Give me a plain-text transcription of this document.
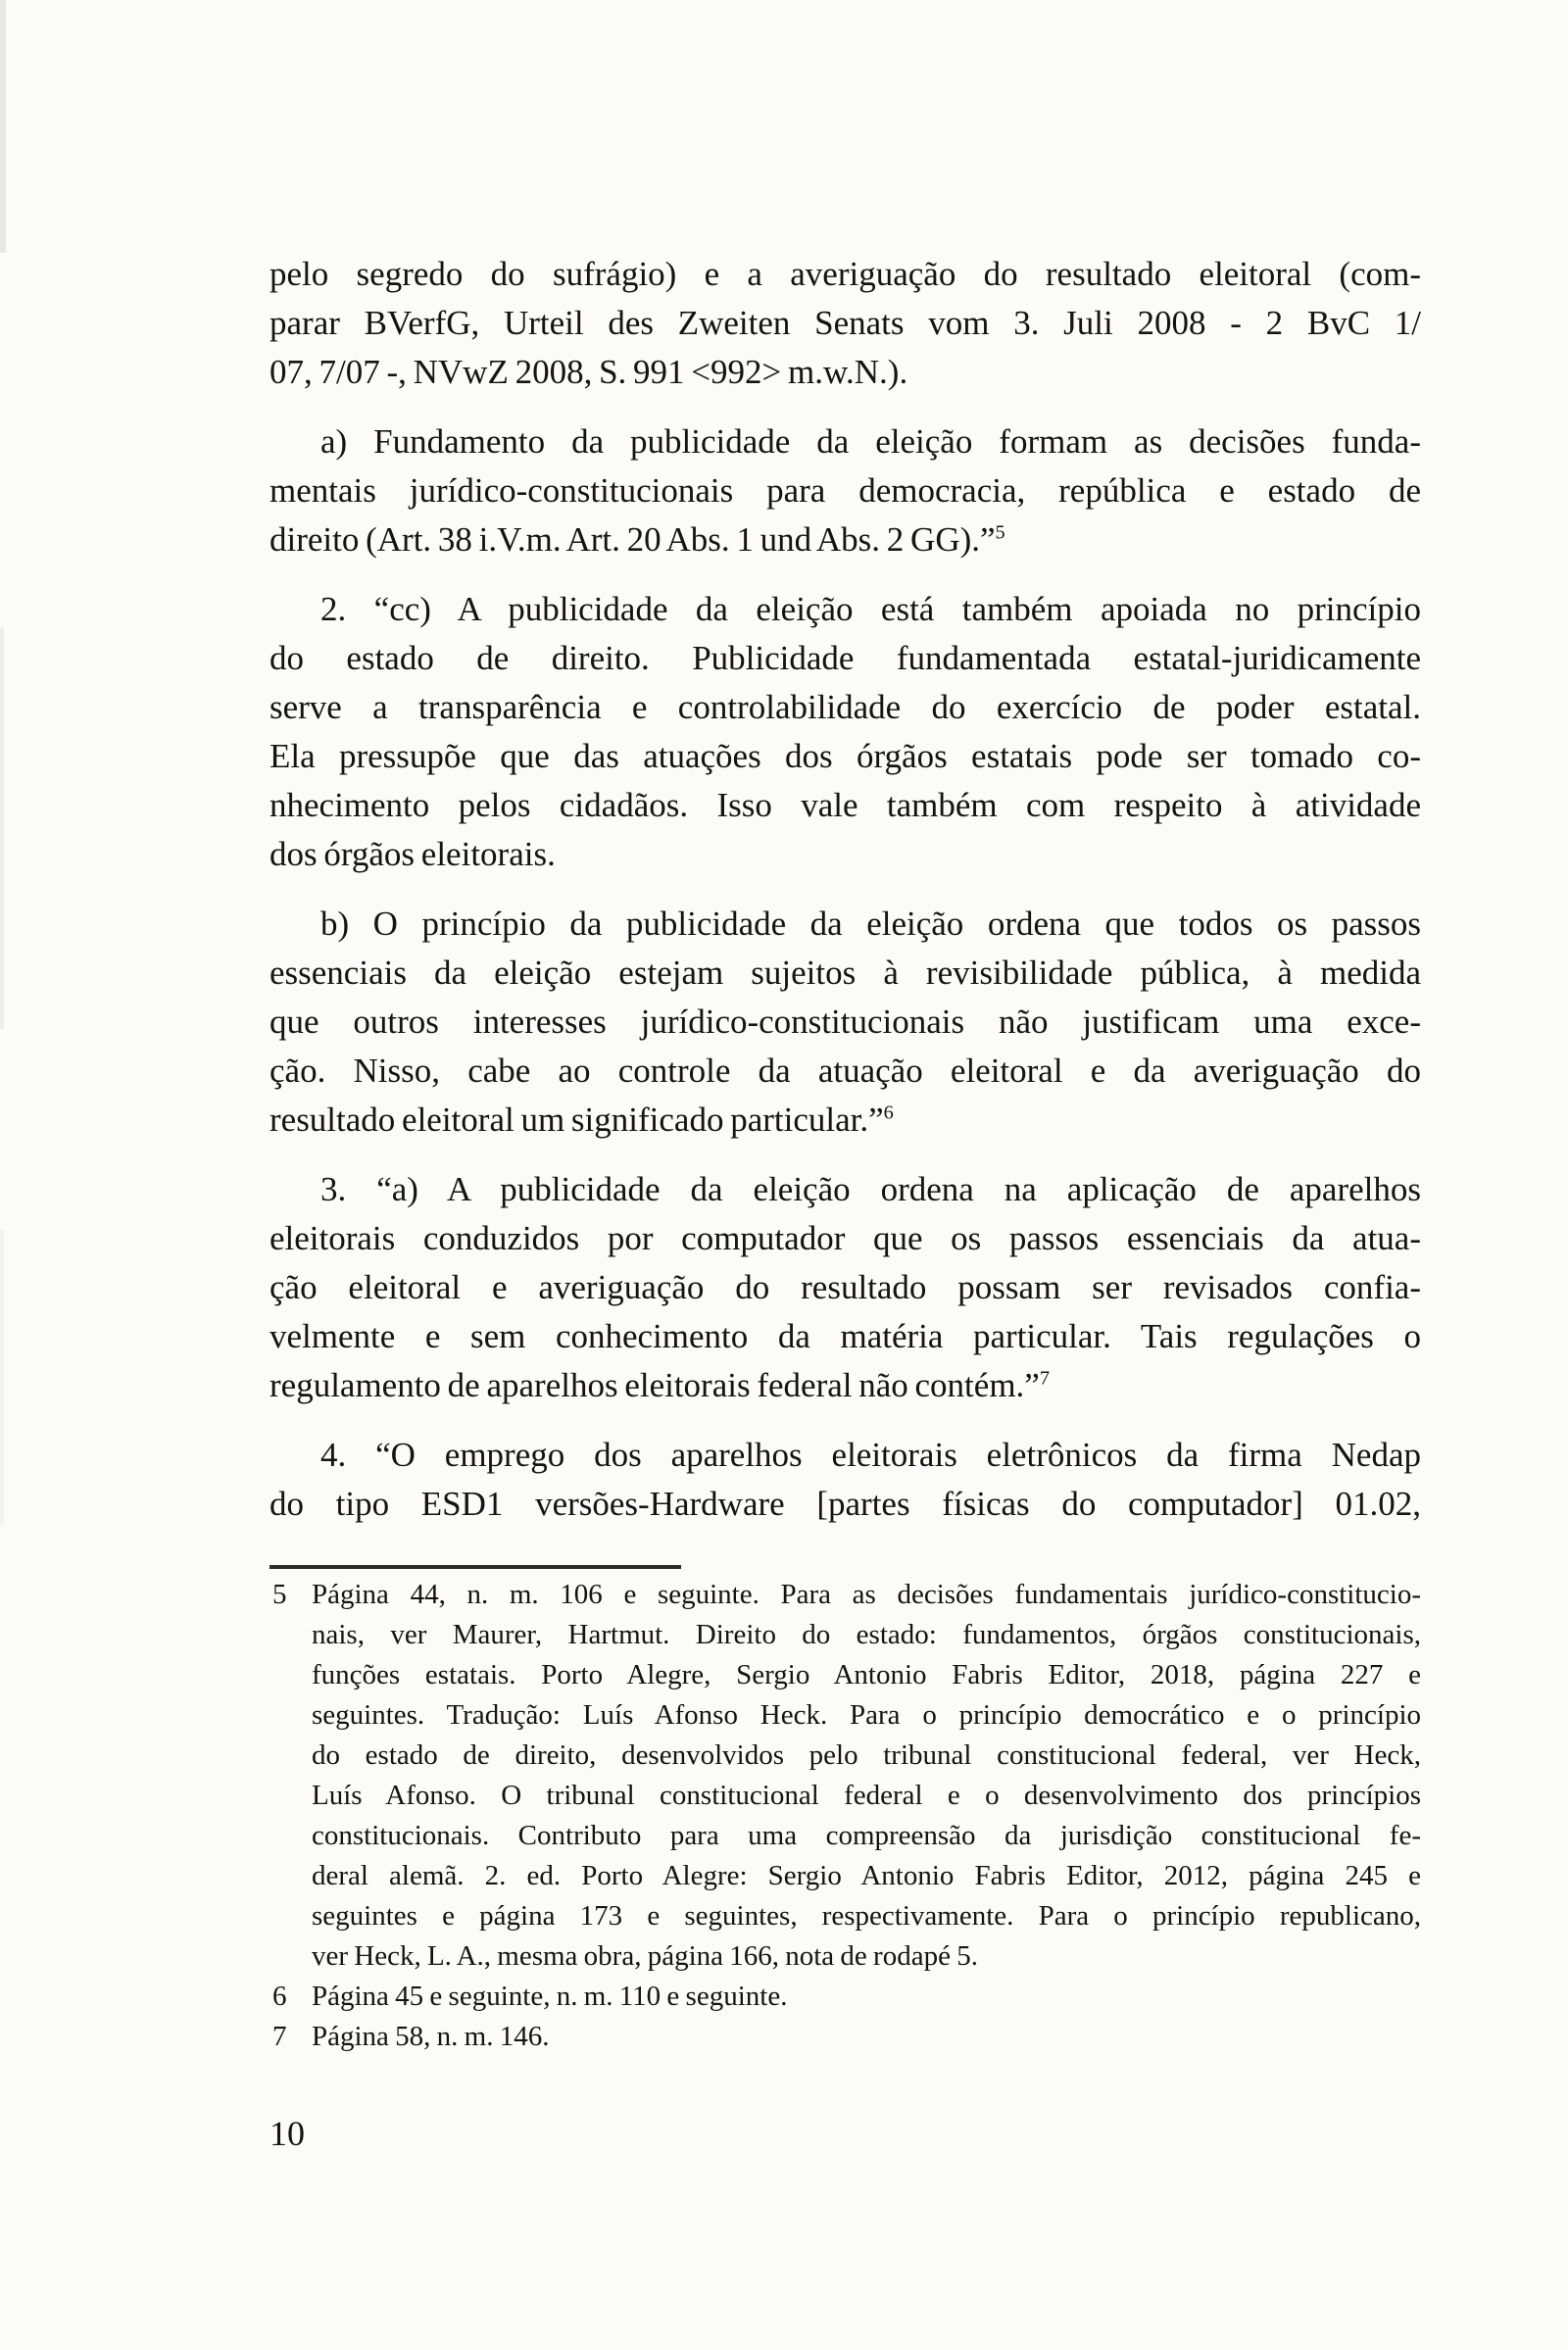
pelo segredo do sufrágio) e a averiguação do resultado eleitoral (com-
parar BVerfG, Urteil des Zweiten Senats vom 3. Juli 2008 - 2 BvC 1/
07, 7/07 -, NVwZ 2008, S. 991 <992> m.w.N.).
a) Fundamento da publicidade da eleição formam as decisões funda-
mentais jurídico-constitucionais para democracia, república e estado de
direito (Art. 38 i.V.m. Art. 20 Abs. 1 und Abs. 2 GG).”$^5$
2. “cc) A publicidade da eleição está também apoiada no princípio
do estado de direito. Publicidade fundamentada estatal-juridicamente
serve a transparência e controlabilidade do exercício de poder estatal.
Ela pressupõe que das atuações dos órgãos estatais pode ser tomado co-
nhecimento pelos cidadãos. Isso vale também com respeito à atividade
dos órgãos eleitorais.
b) O princípio da publicidade da eleição ordena que todos os passos
essenciais da eleição estejam sujeitos à revisibilidade pública, à medida
que outros interesses jurídico-constitucionais não justificam uma exce-
ção. Nisso, cabe ao controle da atuação eleitoral e da averiguação do
resultado eleitoral um significado particular.”$^6$
3. “a) A publicidade da eleição ordena na aplicação de aparelhos
eleitorais conduzidos por computador que os passos essenciais da atua-
ção eleitoral e averiguação do resultado possam ser revisados confia-
velmente e sem conhecimento da matéria particular. Tais regulações o
regulamento de aparelhos eleitorais federal não contém.”$^7$
4. “O emprego dos aparelhos eleitorais eletrônicos da firma Nedap
do tipo ESD1 versões-Hardware [partes físicas do computador] 01.02,
5 Página 44, n. m. 106 e seguinte. Para as decisões fundamentais jurídico-constitucio-
nais, ver Maurer, Hartmut. Direito do estado: fundamentos, órgãos constitucionais,
funções estatais. Porto Alegre, Sergio Antonio Fabris Editor, 2018, página 227 e
seguintes. Tradução: Luís Afonso Heck. Para o princípio democrático e o princípio
do estado de direito, desenvolvidos pelo tribunal constitucional federal, ver Heck,
Luís Afonso. O tribunal constitucional federal e o desenvolvimento dos princípios
constitucionais. Contributo para uma compreensão da jurisdição constitucional fe-
deral alemã. 2. ed. Porto Alegre: Sergio Antonio Fabris Editor, 2012, página 245 e
seguintes e página 173 e seguintes, respectivamente. Para o princípio republicano,
ver Heck, L. A., mesma obra, página 166, nota de rodapé 5.
6 Página 45 e seguinte, n. m. 110 e seguinte.
7 Página 58, n. m. 146.
10
